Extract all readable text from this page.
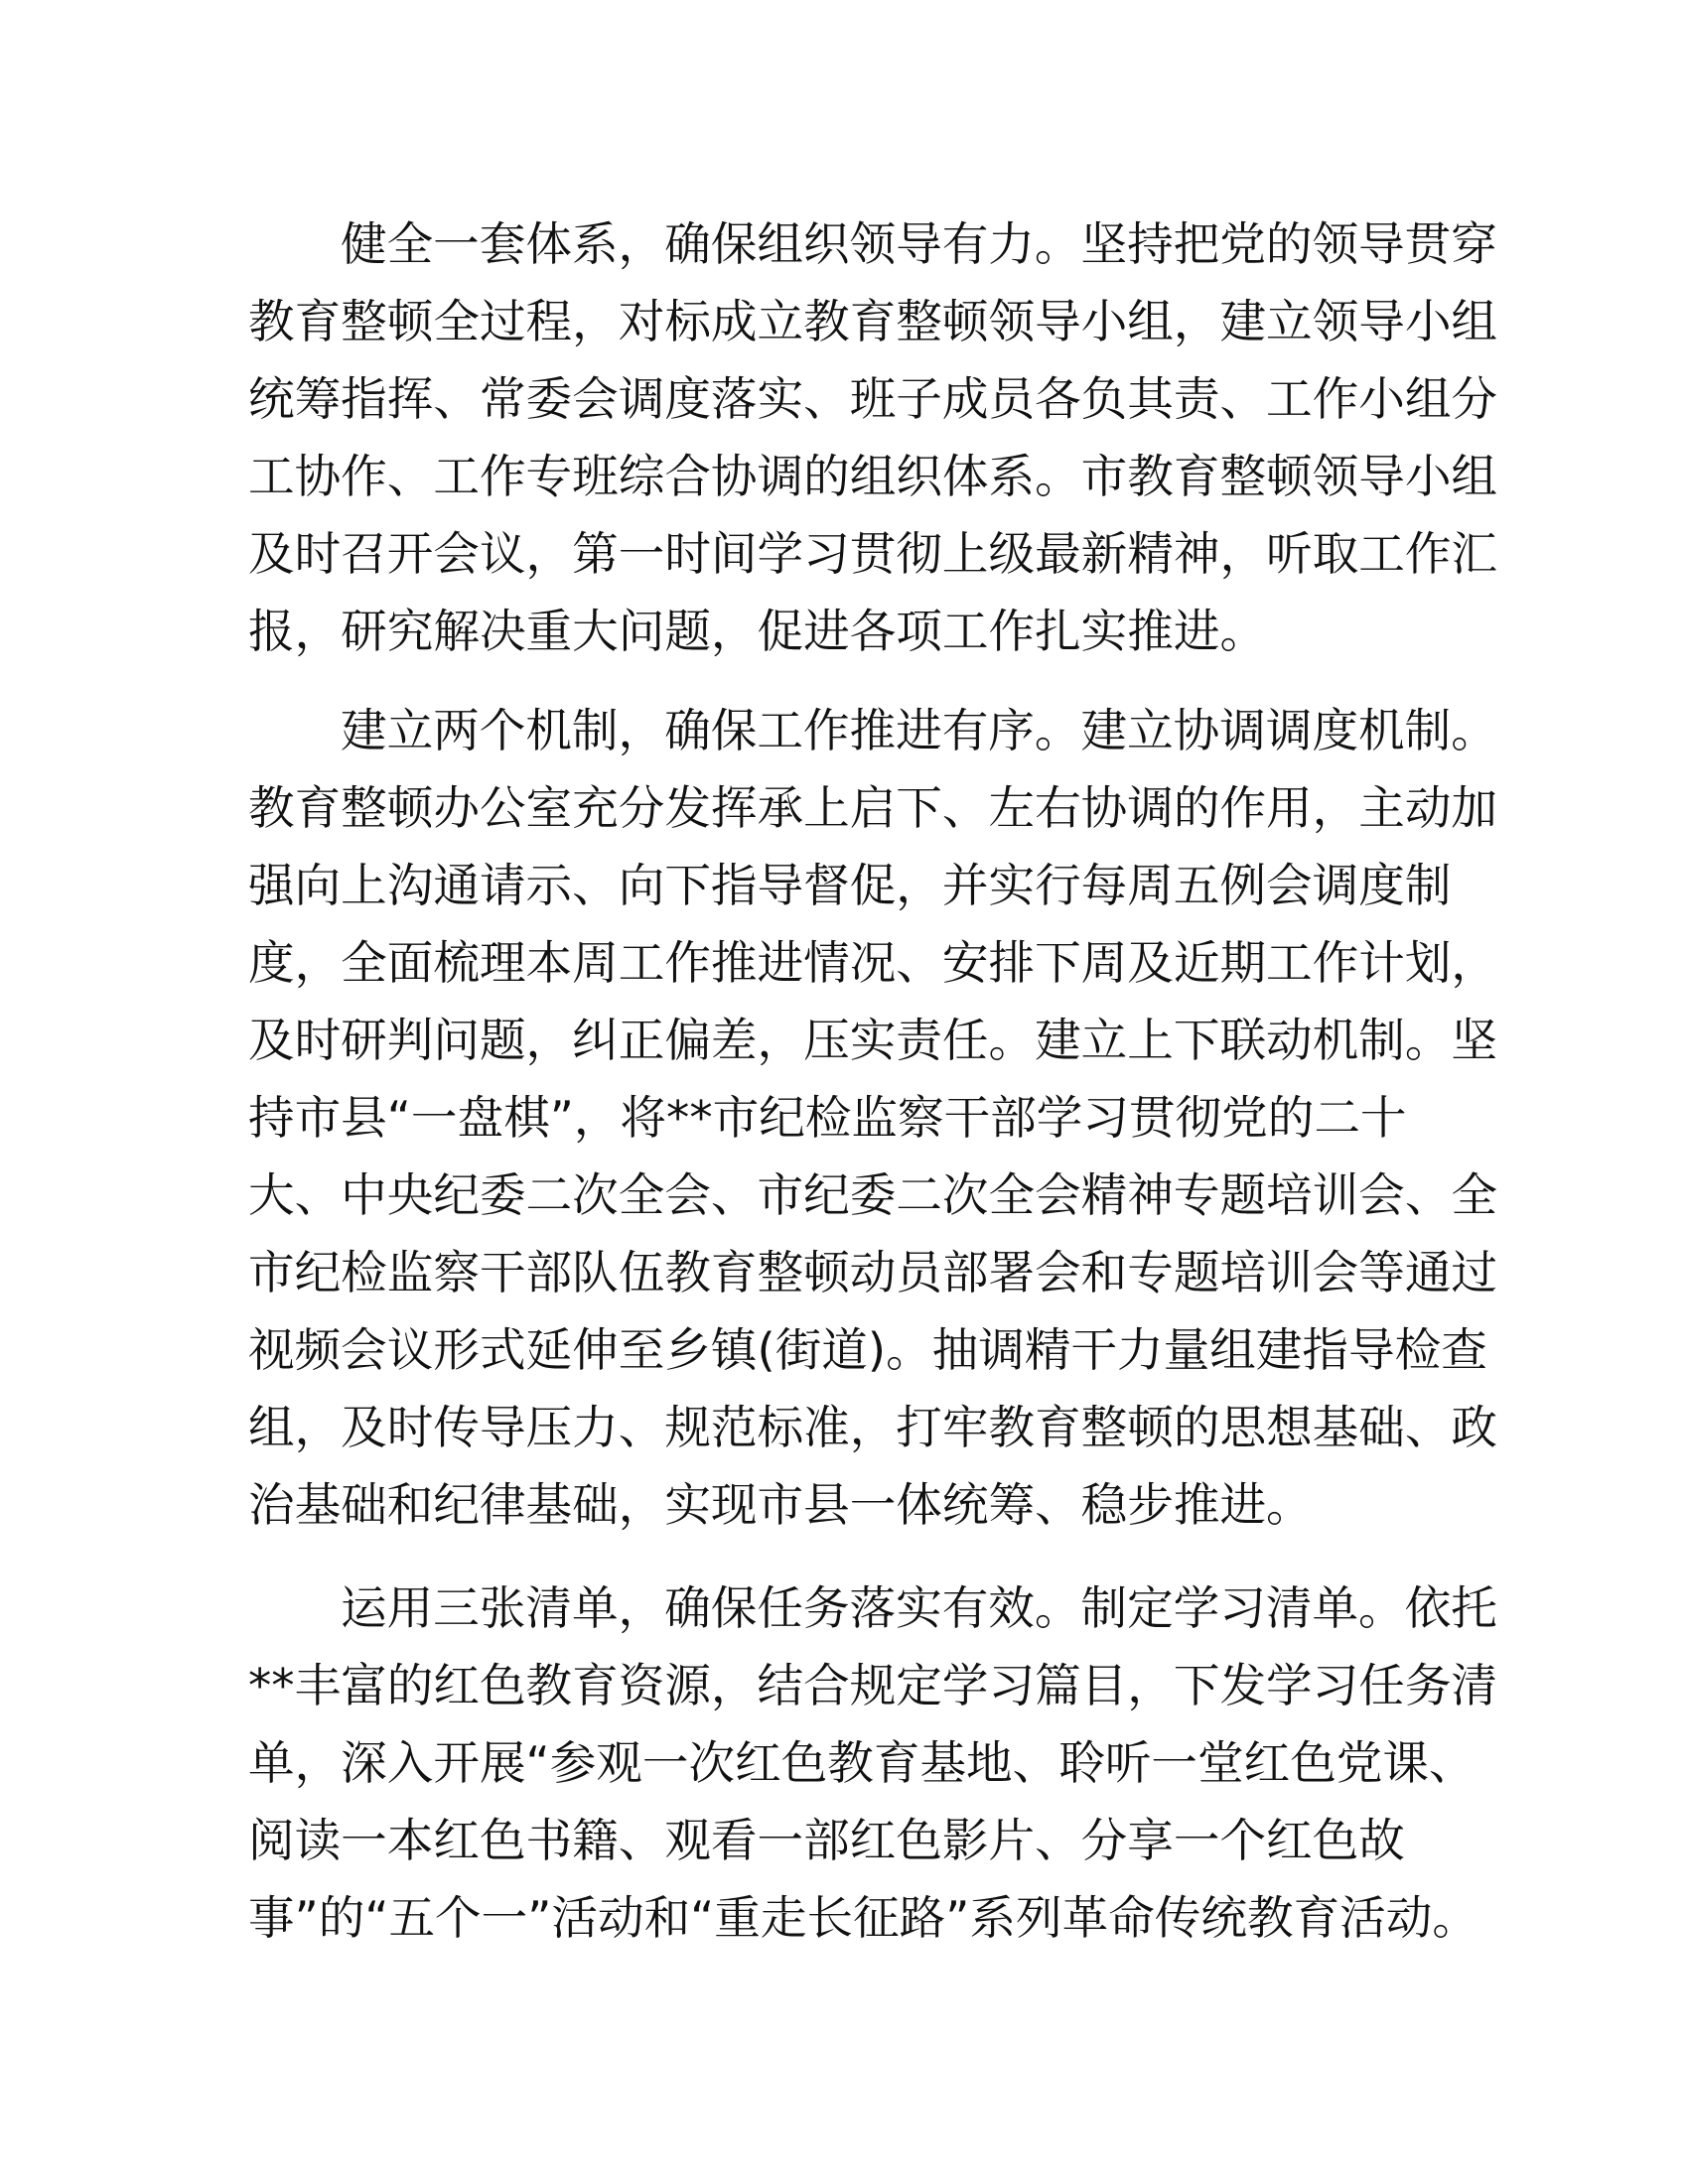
健全一套体系，确保组织领导有力。坚持把党的领导贯穿
教育整顿全过程，对标成立教育整顿领导小组，建立领导小组
统筹指挥、常委会调度落实、班子成员各负其责、工作小组分
工协作、工作专班综合协调的组织体系。市教育整顿领导小组
及时召开会议，第一时间学习贯彻上级最新精神，听取工作汇
报，研究解决重大问题，促进各项工作扎实推进。
建立两个机制，确保工作推进有序。建立协调调度机制。
教育整顿办公室充分发挥承上启下、左右协调的作用，主动加
强向上沟通请示、向下指导督促，并实行每周五例会调度制
度，全面梳理本周工作推进情况、安排下周及近期工作计划，
及时研判问题，纠正偏差，压实责任。建立上下联动机制。坚
持市县“一盘棋”，将**市纪检监察干部学习贯彻党的二十
大、中央纪委二次全会、市纪委二次全会精神专题培训会、全
市纪检监察干部队伍教育整顿动员部署会和专题培训会等通过
视频会议形式延伸至乡镇(街道)。抽调精干力量组建指导检查
组，及时传导压力、规范标准，打牢教育整顿的思想基础、政
治基础和纪律基础，实现市县一体统筹、稳步推进。
运用三张清单，确保任务落实有效。制定学习清单。依托
**丰富的红色教育资源，结合规定学习篇目，下发学习任务清
单，深入开展“参观一次红色教育基地、聆听一堂红色党课、
阅读一本红色书籍、观看一部红色影片、分享一个红色故
事”的“五个一”活动和“重走长征路”系列革命传统教育活动。
